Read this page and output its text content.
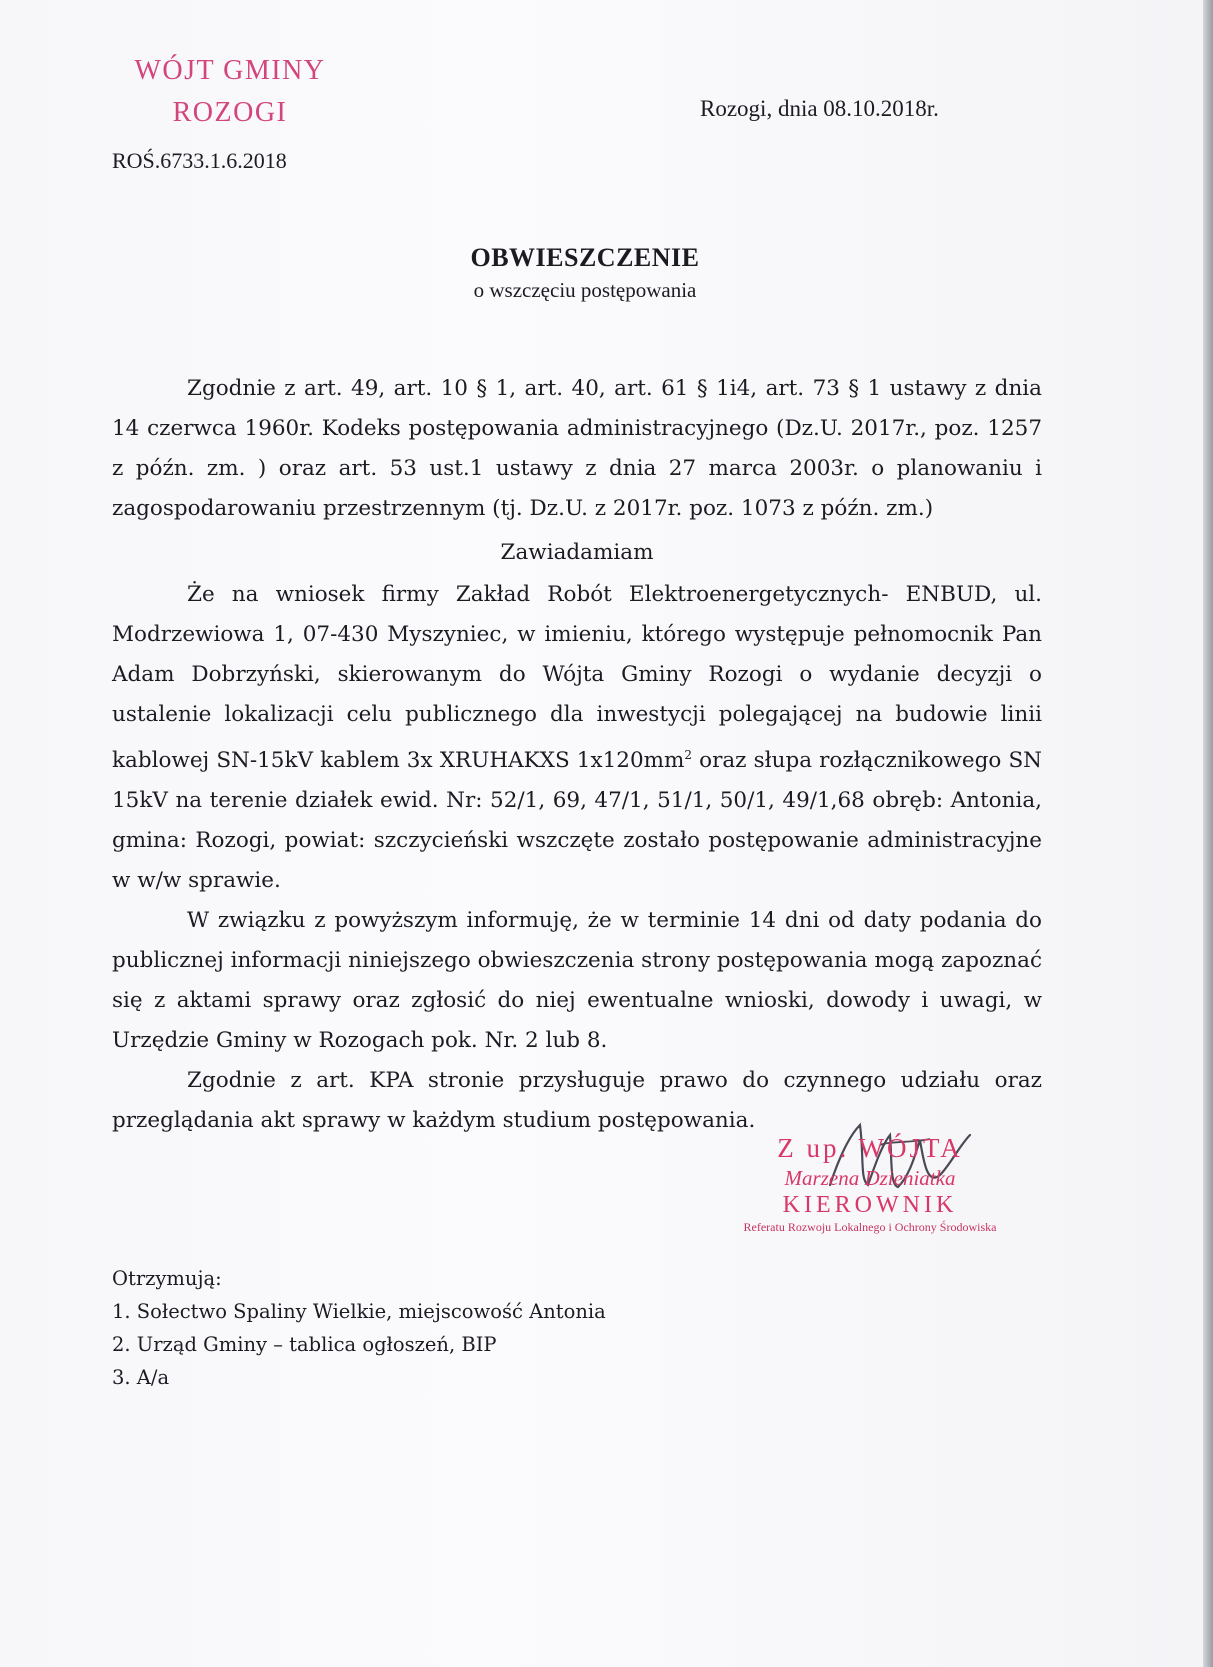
WÓJT GMINY
ROZOGI	Rozogi, dnia 08.10.2018r.
ROŚ.6733.1.6.2018
OBWIESZCZENIE
o wszczęciu postępowania

Zgodnie z art. 49, art. 10 § 1, art. 40, art. 61 § 1i4, art. 73 § 1 ustawy z dnia 14 czerwca 1960r. Kodeks postępowania administracyjnego (Dz.U. 2017r., poz. 1257 z późn. zm. ) oraz art. 53 ust.1 ustawy z dnia 27 marca 2003r. o planowaniu i zagospodarowaniu przestrzennym (tj. Dz.U. z 2017r. poz. 1073 z późn. zm.)

Zawiadamiam

Że na wniosek firmy Zakład Robót Elektroenergetycznych- ENBUD, ul. Modrzewiowa 1, 07-430 Myszyniec, w imieniu, którego występuje pełnomocnik Pan Adam Dobrzyński, skierowanym do Wójta Gminy Rozogi o wydanie decyzji o ustalenie lokalizacji celu publicznego dla inwestycji polegającej na budowie linii kablowej SN-15kV kablem 3x XRUHAKXS $1x120mm^2$ oraz słupa rozłącznikowego SN 15kV na terenie działek ewid. Nr: 52/1, 69, 47/1, 51/1, 50/1, 49/1,68 obręb: Antonia, gmina: Rozogi, powiat: szczycieński wszczęte zostało postępowanie administracyjne w w/w sprawie.

W związku z powyższym informuję, że w terminie 14 dni od daty podania do publicznej informacji niniejszego obwieszczenia strony postępowania mogą zapoznać się z aktami sprawy oraz zgłosić do niej ewentualne wnioski, dowody i uwagi, w Urzędzie Gminy w Rozogach pok. Nr. 2 lub 8.

Zgodnie z art. KPA stronie przysługuje prawo do czynnego udziału oraz przeglądania akt sprawy w każdym studium postępowania.

Z up. WÓJTA
Marzena Dzieniatka
KIEROWNIK
Referatu Rozwoju Lokalnego i Ochrony Środowiska
Otrzymują:
1. Sołectwo Spaliny Wielkie, miejscowość Antonia
2. Urząd Gminy – tablica ogłoszeń, BIP
3. A/a
